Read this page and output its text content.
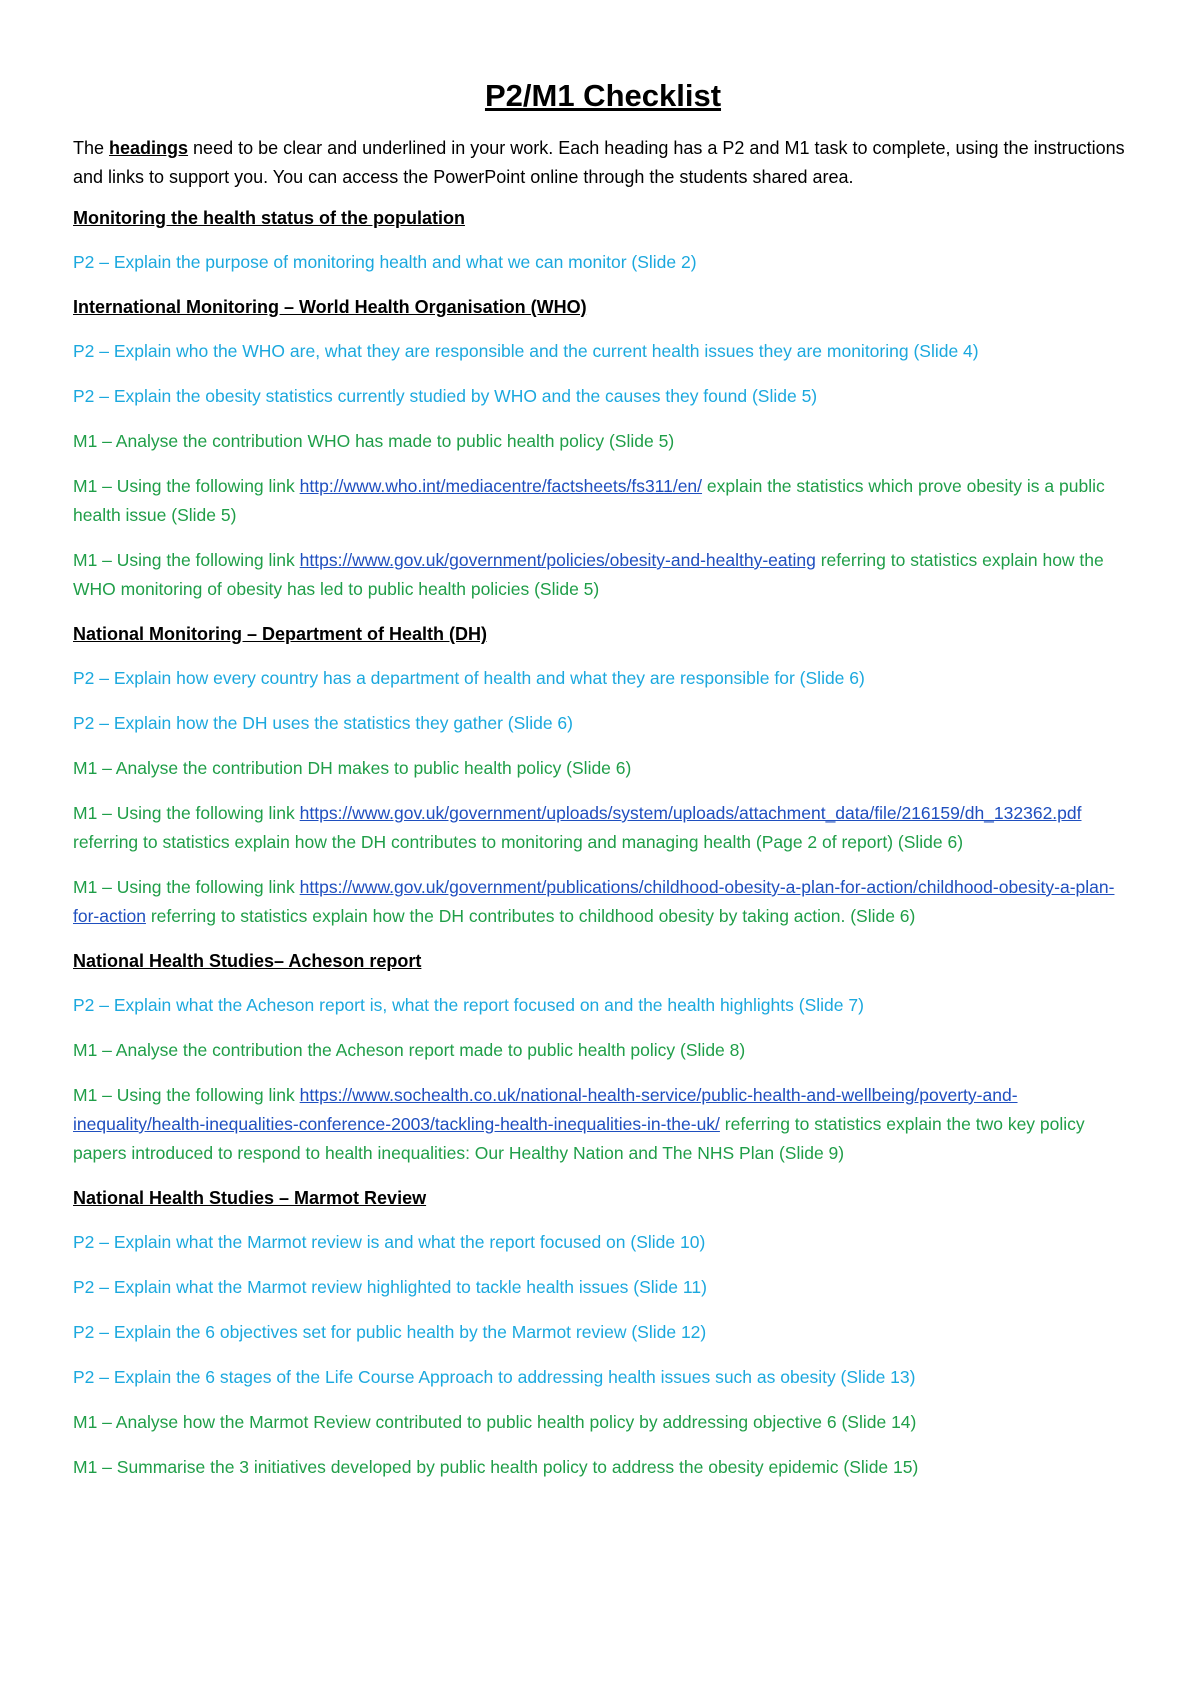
P2/M1 Checklist

The headings need to be clear and underlined in your work. Each heading has a P2 and M1 task to complete, using the instructions and links to support you. You can access the PowerPoint online through the students shared area.

Monitoring the health status of the population

P2 – Explain the purpose of monitoring health and what we can monitor (Slide 2)

International Monitoring – World Health Organisation (WHO)

P2 – Explain who the WHO are, what they are responsible and the current health issues they are monitoring (Slide 4)

P2 – Explain the obesity statistics currently studied by WHO and the causes they found (Slide 5)

M1 – Analyse the contribution WHO has made to public health policy (Slide 5)

M1 – Using the following link http://www.who.int/mediacentre/factsheets/fs311/en/ explain the statistics which prove obesity is a public health issue (Slide 5)

M1 – Using the following link https://www.gov.uk/government/policies/obesity-and-healthy-eating referring to statistics explain how the WHO monitoring of obesity has led to public health policies (Slide 5)

National Monitoring – Department of Health (DH)

P2 – Explain how every country has a department of health and what they are responsible for (Slide 6)

P2 – Explain how the DH uses the statistics they gather (Slide 6)

M1 – Analyse the contribution DH makes to public health policy (Slide 6)

M1 – Using the following link https://www.gov.uk/government/uploads/system/uploads/attachment_data/file/216159/dh_132362.pdf referring to statistics explain how the DH contributes to monitoring and managing health (Page 2 of report) (Slide 6)

M1 – Using the following link https://www.gov.uk/government/publications/childhood-obesity-a-plan-for-action/childhood-obesity-a-plan-for-action referring to statistics explain how the DH contributes to childhood obesity by taking action. (Slide 6)

National Health Studies– Acheson report

P2 – Explain what the Acheson report is, what the report focused on and the health highlights (Slide 7)

M1 – Analyse the contribution the Acheson report made to public health policy (Slide 8)

M1 – Using the following link https://www.sochealth.co.uk/national-health-service/public-health-and-wellbeing/poverty-and-inequality/health-inequalities-conference-2003/tackling-health-inequalities-in-the-uk/ referring to statistics explain the two key policy papers introduced to respond to health inequalities: Our Healthy Nation and The NHS Plan (Slide 9)

National Health Studies – Marmot Review

P2 – Explain what the Marmot review is and what the report focused on (Slide 10)

P2 – Explain what the Marmot review highlighted to tackle health issues (Slide 11)

P2 – Explain the 6 objectives set for public health by the Marmot review (Slide 12)

P2 – Explain the 6 stages of the Life Course Approach to addressing health issues such as obesity (Slide 13)

M1 – Analyse how the Marmot Review contributed to public health policy by addressing objective 6 (Slide 14)

M1 – Summarise the 3 initiatives developed by public health policy to address the obesity epidemic (Slide 15)
